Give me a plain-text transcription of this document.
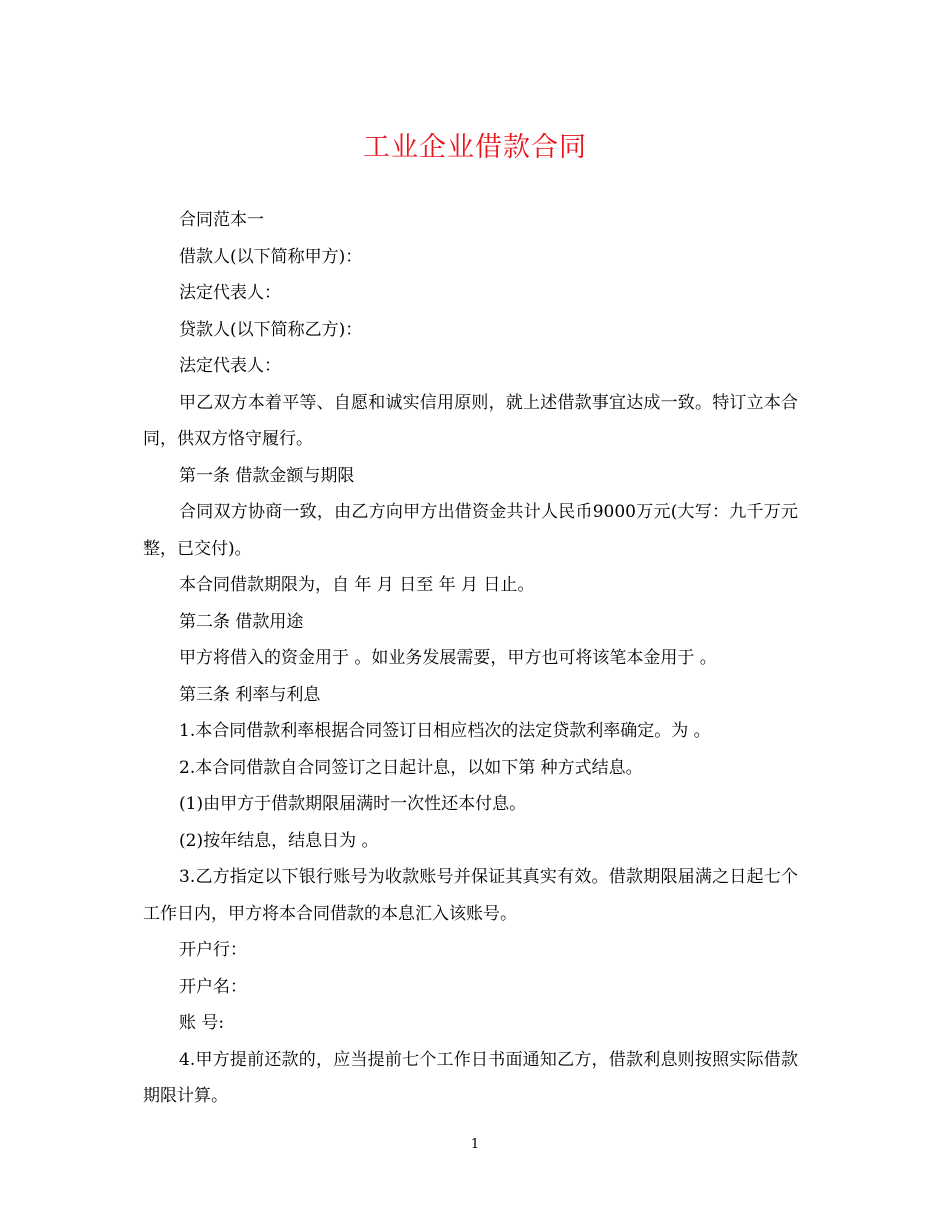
工业企业借款合同

合同范本一

借款人(以下简称甲方)：

法定代表人：

贷款人(以下简称乙方)：

法定代表人：

甲乙双方本着平等、自愿和诚实信用原则，就上述借款事宜达成一致。特订立本合同，供双方恪守履行。

第一条 借款金额与期限

合同双方协商一致，由乙方向甲方出借资金共计人民币9000万元(大写：九千万元整，已交付)。

本合同借款期限为，自 年 月 日至 年 月 日止。

第二条 借款用途

甲方将借入的资金用于 。如业务发展需要，甲方也可将该笔本金用于 。

第三条 利率与利息

1.本合同借款利率根据合同签订日相应档次的法定贷款利率确定。为 。

2.本合同借款自合同签订之日起计息，以如下第 种方式结息。

(1)由甲方于借款期限届满时一次性还本付息。

(2)按年结息，结息日为 。

3.乙方指定以下银行账号为收款账号并保证其真实有效。借款期限届满之日起七个工作日内，甲方将本合同借款的本息汇入该账号。

开户行：

开户名：

账 号:

4.甲方提前还款的，应当提前七个工作日书面通知乙方，借款利息则按照实际借款期限计算。

1
